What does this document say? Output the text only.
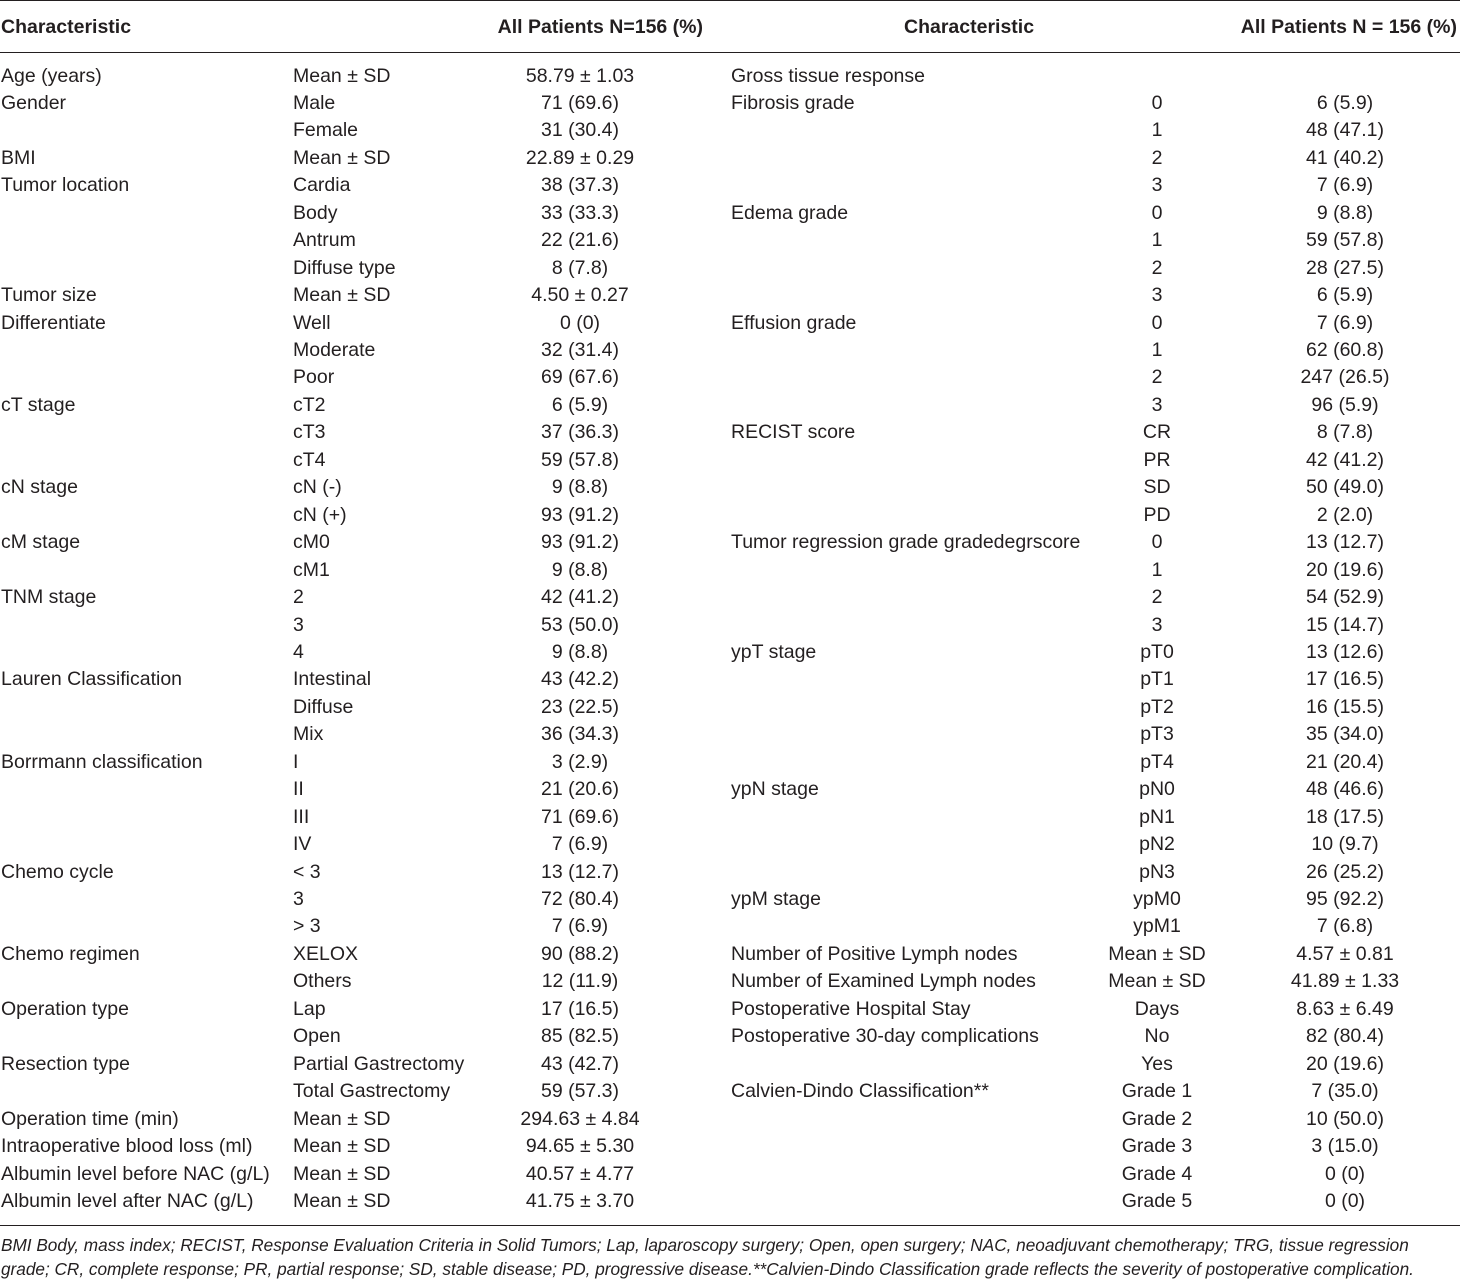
Characteristic	All Patients N=156 (%)	Characteristic	All Patients N = 156 (%)
Age (years)	Mean ± SD	58.79 ± 1.03
Gender	Male	71 (69.6)
Female	31 (30.4)
BMI	Mean ± SD	22.89 ± 0.29
Tumor location	Cardia	38 (37.3)
Body	33 (33.3)
Antrum	22 (21.6)
Diffuse type	8 (7.8)
Tumor size	Mean ± SD	4.50 ± 0.27
Differentiate	Well	0 (0)
Moderate	32 (31.4)
Poor	69 (67.6)
cT stage	cT2	6 (5.9)
cT3	37 (36.3)
cT4	59 (57.8)
cN stage	cN (-)	9 (8.8)
cN (+)	93 (91.2)
cM stage	cM0	93 (91.2)
cM1	9 (8.8)
TNM stage	2	42 (41.2)
3	53 (50.0)
4	9 (8.8)
Lauren Classification	Intestinal	43 (42.2)
Diffuse	23 (22.5)
Mix	36 (34.3)
Borrmann classification	I	3 (2.9)
II	21 (20.6)
III	71 (69.6)
IV	7 (6.9)
Chemo cycle	< 3	13 (12.7)
3	72 (80.4)
> 3	7 (6.9)
Chemo regimen	XELOX	90 (88.2)
Others	12 (11.9)
Operation type	Lap	17 (16.5)
Open	85 (82.5)
Resection type	Partial Gastrectomy	43 (42.7)
Total Gastrectomy	59 (57.3)
Operation time (min)	Mean ± SD	294.63 ± 4.84
Intraoperative blood loss (ml) Mean ± SD	94.65 ± 5.30
Albumin level before NAC (g/L) Mean ± SD	40.57 ± 4.77
Albumin level after NAC (g/L) Mean ± SD	41.75 ± 3.70
Gross tissue response
Fibrosis grade	0	6 (5.9)
1	48 (47.1)
2	41 (40.2)
3	7 (6.9)
Edema grade	0	9 (8.8)
1	59 (57.8)
2	28 (27.5)
3	6 (5.9)
Effusion grade	0	7 (6.9)
1	62 (60.8)
2	247 (26.5)
3	96 (5.9)
RECIST score	CR	8 (7.8)
PR	42 (41.2)
SD	50 (49.0)
PD	2 (2.0)
Tumor regression grade gradedegrscore	0	13 (12.7)
1	20 (19.6)
2	54 (52.9)
3	15 (14.7)
ypT stage	pT0	13 (12.6)
pT1	17 (16.5)
pT2	16 (15.5)
pT3	35 (34.0)
pT4	21 (20.4)
ypN stage	pN0	48 (46.6)
pN1	18 (17.5)
pN2	10 (9.7)
pN3	26 (25.2)
ypM stage	ypM0	95 (92.2)
ypM1	7 (6.8)
Number of Positive Lymph nodes	Mean ± SD	4.57 ± 0.81
Number of Examined Lymph nodes	Mean ± SD	41.89 ± 1.33
Postoperative Hospital Stay	Days	8.63 ± 6.49
Postoperative 30-day complications	No	82 (80.4)
Yes	20 (19.6)
Calvien-Dindo Classification**	Grade 1	7 (35.0)
Grade 2	10 (50.0)
Grade 3	3 (15.0)
Grade 4	0 (0)
Grade 5	0 (0)
BMI Body, mass index; RECIST, Response Evaluation Criteria in Solid Tumors; Lap, laparoscopy surgery; Open, open surgery; NAC, neoadjuvant chemotherapy; TRG, tissue regression grade; CR, complete response; PR, partial response; SD, stable disease; PD, progressive disease.**Calvien-Dindo Classification grade reflects the severity of postoperative complication.
